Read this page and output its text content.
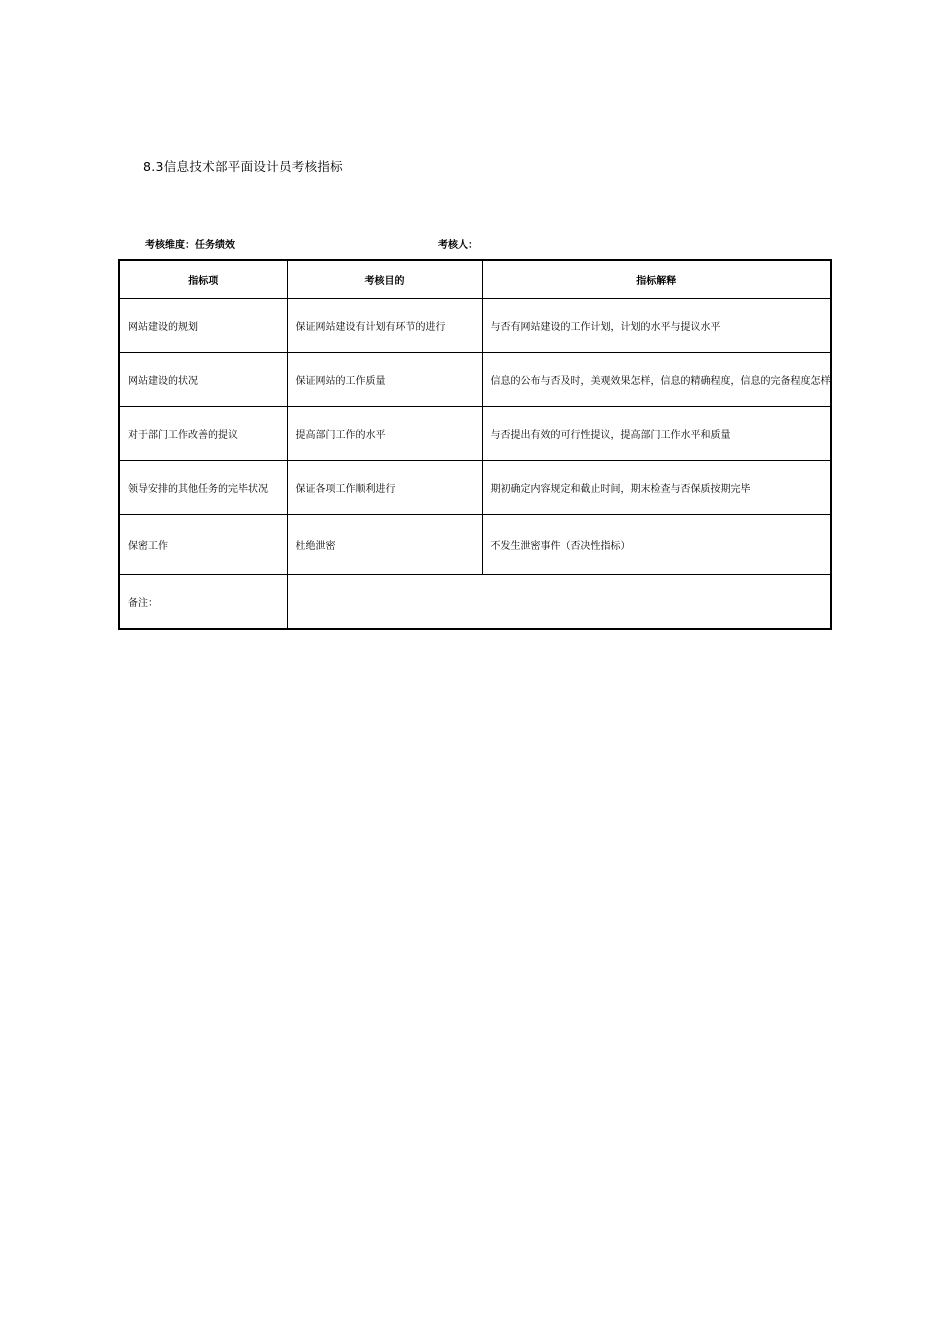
8.3信息技术部平面设计员考核指标
考核维度：任务绩效	考核人：
指标项	考核目的	指标解释
网站建设的规划	保证网站建设有计划有环节的进行	与否有网站建设的工作计划，计划的水平与提议水平
网站建设的状况	保证网站的工作质量	信息的公布与否及时，美观效果怎样，信息的精确程度，信息的完备程度怎样
对于部门工作改善的提议	提高部门工作的水平	与否提出有效的可行性提议，提高部门工作水平和质量
领导安排的其他任务的完毕状况	保证各项工作顺利进行	期初确定内容规定和截止时间，期末检查与否保质按期完毕
保密工作	杜绝泄密	不发生泄密事件（否决性指标）
备注：		
